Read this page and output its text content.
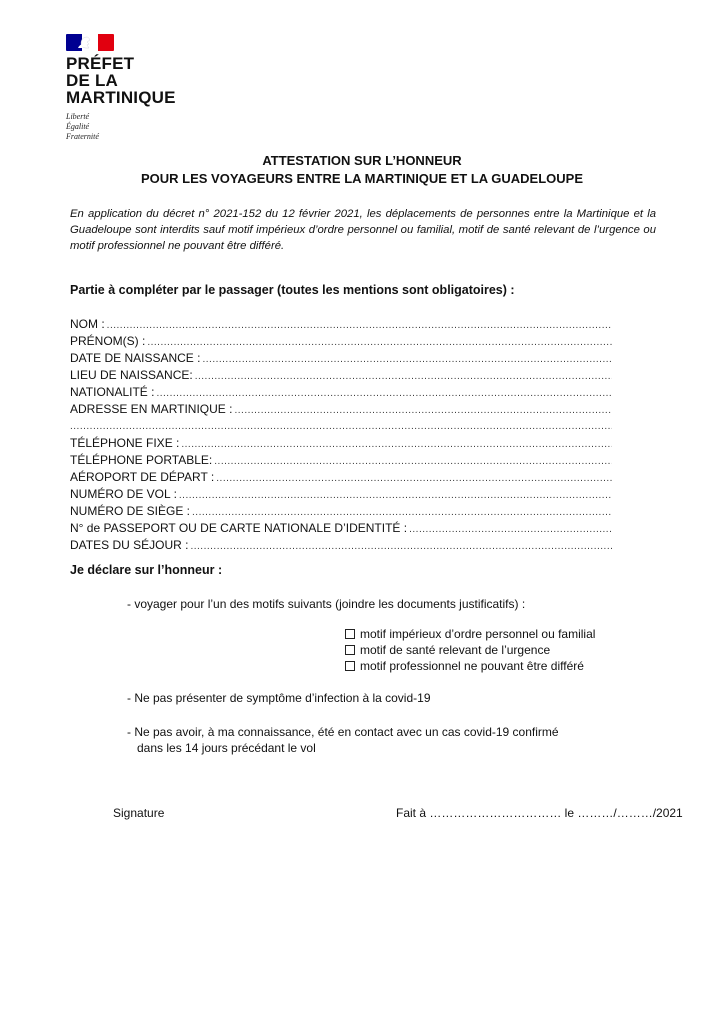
PRÉFET
DE LA
MARTINIQUE
Liberté
Égalité
Fraternité
ATTESTATION SUR L’HONNEUR
POUR LES VOYAGEURS ENTRE LA MARTINIQUE ET LA GUADELOUPE
En application du décret n° 2021-152 du 12 février 2021, les déplacements de personnes entre la Martinique et la Guadeloupe sont interdits sauf motif impérieux d’ordre personnel ou familial, motif de santé relevant de l’urgence ou motif professionnel ne pouvant être différé.
Partie à compléter par le passager (toutes les mentions sont obligatoires) :
NOM :
.....
PRÉNOM(S) :
.....
DATE DE NAISSANCE :
.....
LIEU DE NAISSANCE:
.....
NATIONALITÉ :
.....
ADRESSE EN MARTINIQUE :
.....
.....
TÉLÉPHONE FIXE :
.....
TÉLÉPHONE PORTABLE:
.....
AÉROPORT DE DÉPART :
.....
NUMÉRO DE VOL :
.....
NUMÉRO DE SIÈGE :
.....
N° de PASSEPORT OU DE CARTE NATIONALE D’IDENTITÉ :
.....
DATES DU SÉJOUR :
.....
Je déclare sur l’honneur :
- voyager pour l’un des motifs suivants (joindre les documents justificatifs) :
motif impérieux d’ordre personnel ou familial
motif de santé relevant de l’urgence
motif professionnel ne pouvant être différé
- Ne pas présenter de symptôme d’infection à la covid-19
- Ne pas avoir, à ma connaissance, été en contact avec un cas covid-19 confirmé
dans les 14 jours précédant le vol
Signature	Fait à …………………………… le ………/………/2021
